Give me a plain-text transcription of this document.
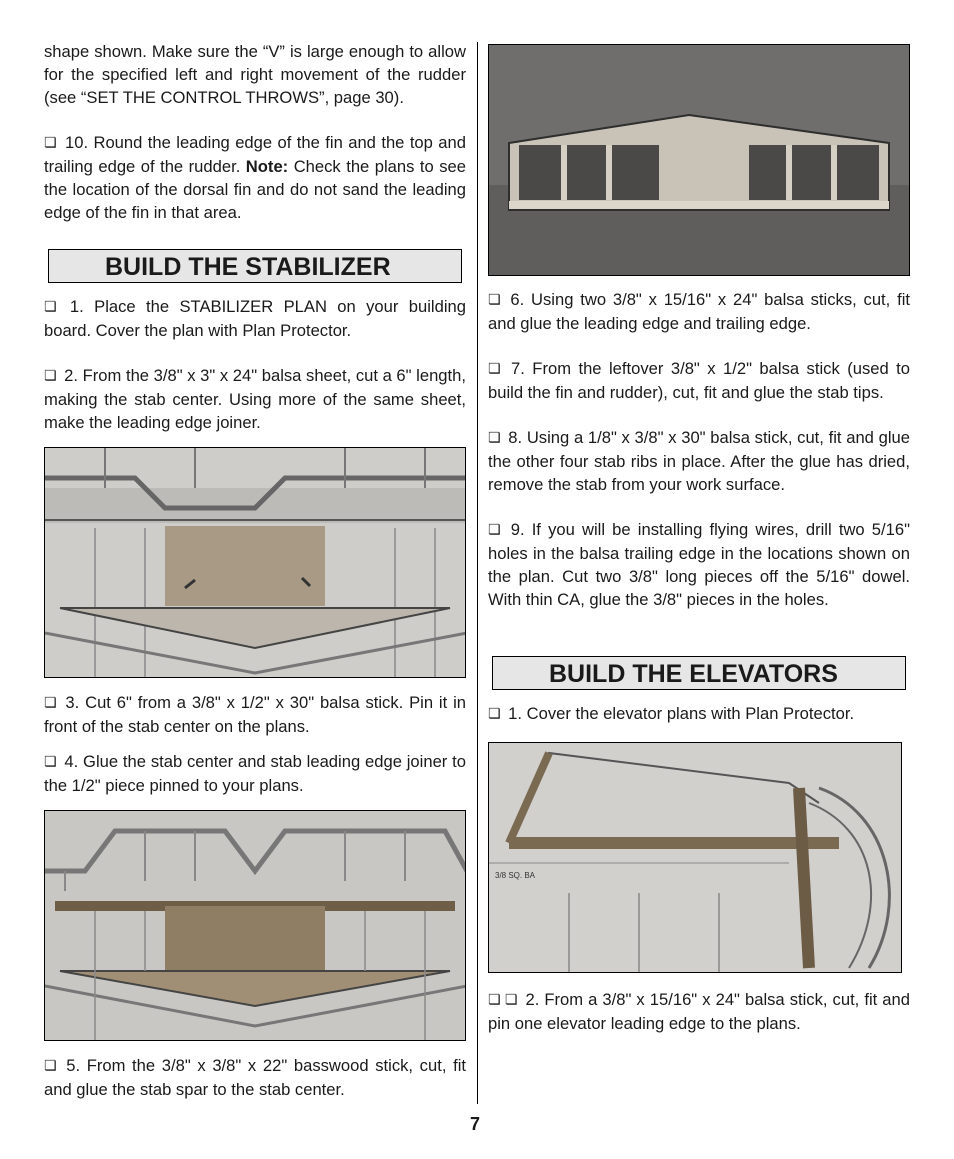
shape shown. Make sure the “V” is large enough to allow for the specified left and right movement of the rudder (see “SET THE CONTROL THROWS”, page 30).

❏ 10. Round the leading edge of the fin and the top and trailing edge of the rudder. Note: Check the plans to see the location of the dorsal fin and do not sand the leading edge of the fin in that area.

BUILD THE STABILIZER

❏ 1. Place the STABILIZER PLAN on your building board. Cover the plan with Plan Protector.

❏ 2. From the 3/8" x 3" x 24" balsa sheet, cut a 6" length, making the stab center. Using more of the same sheet, make the leading edge joiner.

❏ 3. Cut 6" from a 3/8" x 1/2" x 30" balsa stick. Pin it in front of the stab center on the plans.

❏ 4. Glue the stab center and stab leading edge joiner to the 1/2" piece pinned to your plans.

❏ 5. From the 3/8" x 3/8" x 22" basswood stick, cut, fit and glue the stab spar to the stab center.

❏ 6. Using two 3/8" x 15/16" x 24" balsa sticks, cut, fit and glue the leading edge and trailing edge.

❏ 7. From the leftover 3/8" x 1/2" balsa stick (used to build the fin and rudder), cut, fit and glue the stab tips.

❏ 8. Using a 1/8" x 3/8" x 30" balsa stick, cut, fit and glue the other four stab ribs in place. After the glue has dried, remove the stab from your work surface.

❏ 9. If you will be installing flying wires, drill two 5/16" holes in the balsa trailing edge in the locations shown on the plan. Cut two 3/8" long pieces off the 5/16" dowel. With thin CA, glue the 3/8" pieces in the holes.

BUILD THE ELEVATORS

❏ 1. Cover the elevator plans with Plan Protector.

3/8 SQ. BA

❏ ❏ 2. From a 3/8" x 15/16" x 24" balsa stick, cut, fit and pin one elevator leading edge to the plans.

7
